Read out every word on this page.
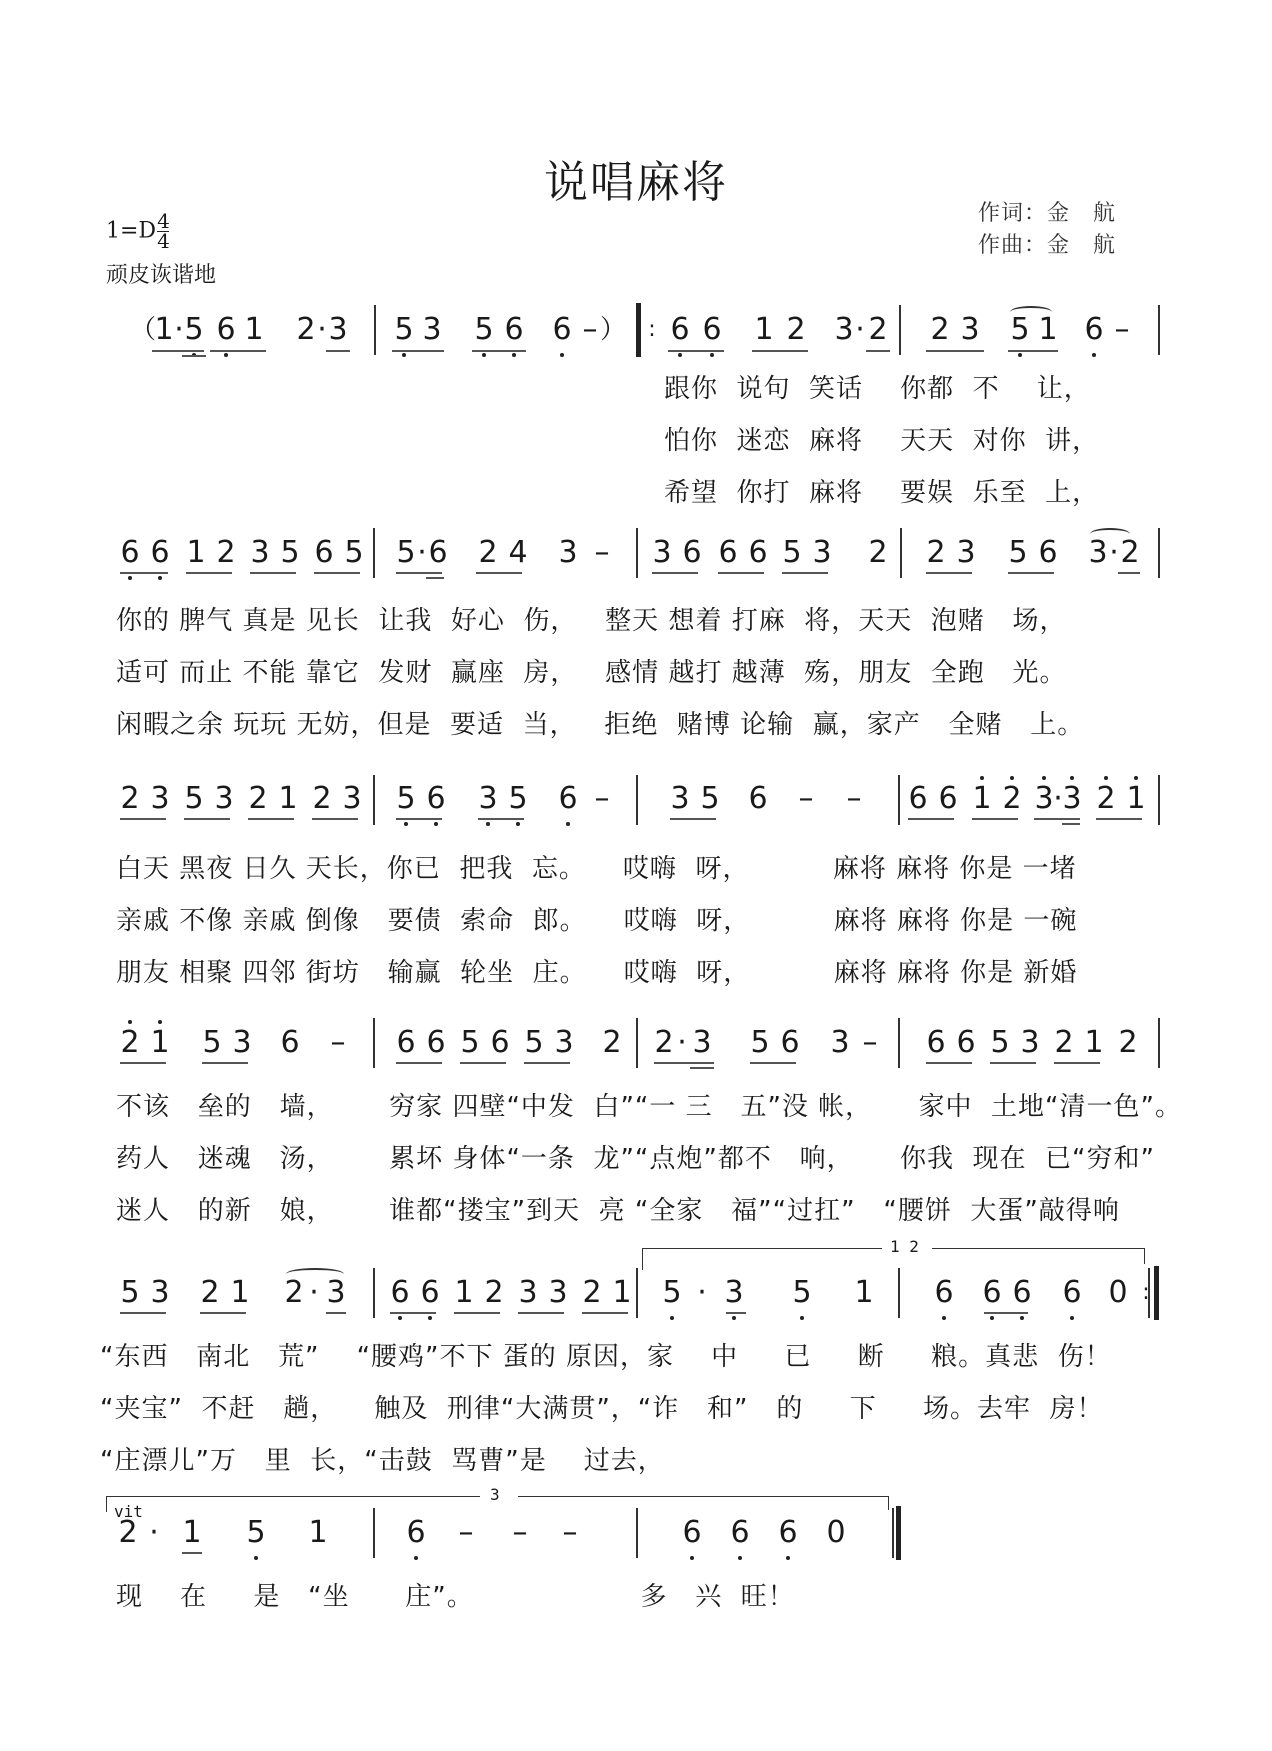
说唱麻将
作词：金　航
作曲：金　航
$1=D \frac{4}{4}$
顽皮诙谐地
（
1 · 5 6 1 2 · 3 5 3 5 6 6 – ）	: 6 6 1 2 3 · 2 2 3 5 1 6 –
跟你  说句  笑话    你都  不    让，
怕你  迷恋  麻将    天天  对你  讲，
希望  你打  麻将    要娱  乐至  上，
6 6 1 2 3 5 6 5 5 · 6 2 4 3 – 3 6 6 6 5 3 2 2 3 5 6 3 · 2
你的 脾气 真是 见长  让我  好心  伤，   整天 想着 打麻  将，天天  泡赌   场，
适可 而止 不能 靠它  发财  赢座  房，   感情 越打 越薄  殇，朋友  全跑   光。
闲暇之余 玩玩 无妨，但是  要适  当，   拒绝  赌博 论输  赢，家产   全赌   上。
2 3 5 3 2 1 2 3 5 6 3 5 6 – 3 5 6 – – 6 6 1 2 3 · 3 2 1
白天 黑夜 日久 天长，你已  把我  忘。    哎嗨  呀，         麻将 麻将 你是 一堵
亲戚 不像 亲戚 倒像   要债  索命  郎。    哎嗨  呀，         麻将 麻将 你是 一碗
朋友 相聚 四邻 街坊   输赢  轮坐  庄。    哎嗨  呀，         麻将 麻将 你是 新婚
2 1 5 3 6 – 6 6 5 6 5 3 2 2 · 3 5 6 3 – 6 6 5 3 2 1 2
不该   垒的   墙，      穷家 四壁“中发  白”“一 三   五”没 帐，     家中  土地“清一色”。
药人   迷魂   汤，      累坏 身体“一条  龙”“点炮”都不   响，     你我  现在  已“穷和”
迷人   的新   娘，      谁都“搂宝”到天  亮 “全家   福”“过扛”   “腰饼  大蛋”敲得响
1 2
5 3 2 1 2 · 3 6 6 1 2 3 3 2 1 5 · 3 5 1 6 6 6 6 0 :
“东西   南北   荒”    “腰鸡”不下 蛋的 原因，家    中     已     断     粮。真悲  伤！
“夹宝”  不赶   趟，    触及  刑律“大满贯”，“诈   和”   的     下     场。去牢  房！
“庄漂儿”万   里  长，“击鼓  骂曹”是    过去，
3
vit
2 · 1 5 1	6 – – –	6 6 6 0
现    在     是   “坐      庄”。                  多   兴  旺！
